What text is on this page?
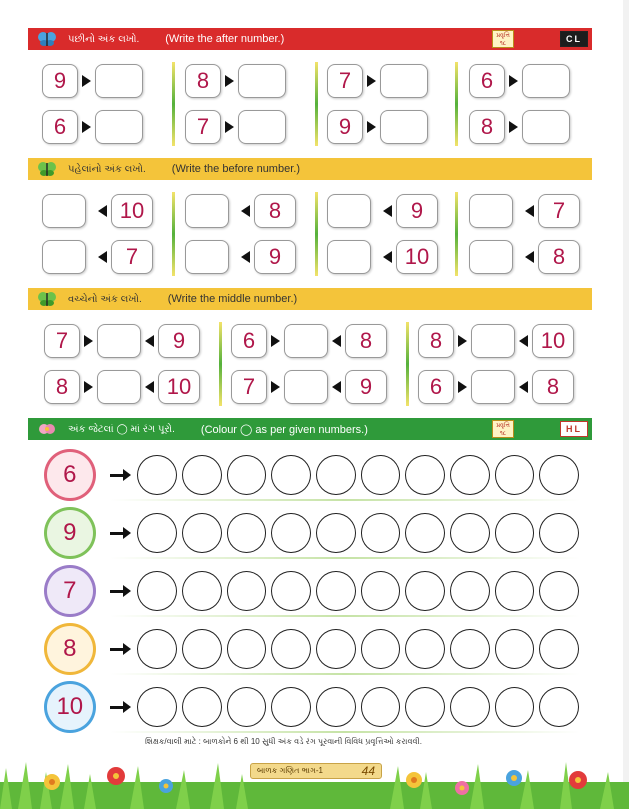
પછીનો અંક લખો. (Write the after number.)	પ્રવૃત્તિ ૧૮	CL
9	8	7	6
6	7	9	8
પહેલાંનો અંક લખો. (Write the before number.)
10	8	9	7
7	9	10	8
વચ્ચેનો અંક લખો. (Write the middle number.)
7	9	6	8	8	10
8	10	7	9	6	8
અંક જેટલાં ◯ માં રંગ પૂરો. (Colour ◯ as per given numbers.)	પ્રવૃત્તિ ૧૮	HL
6
9
7
8
10
શિક્ષક/વાલી માટે : બાળકોને 6 થી 10 સુધી અંક વડે રંગ પૂરવાની વિવિધ પ્રવૃત્તિઓ કરાવવી.
બાળક ગણિત ભાગ-1	44
